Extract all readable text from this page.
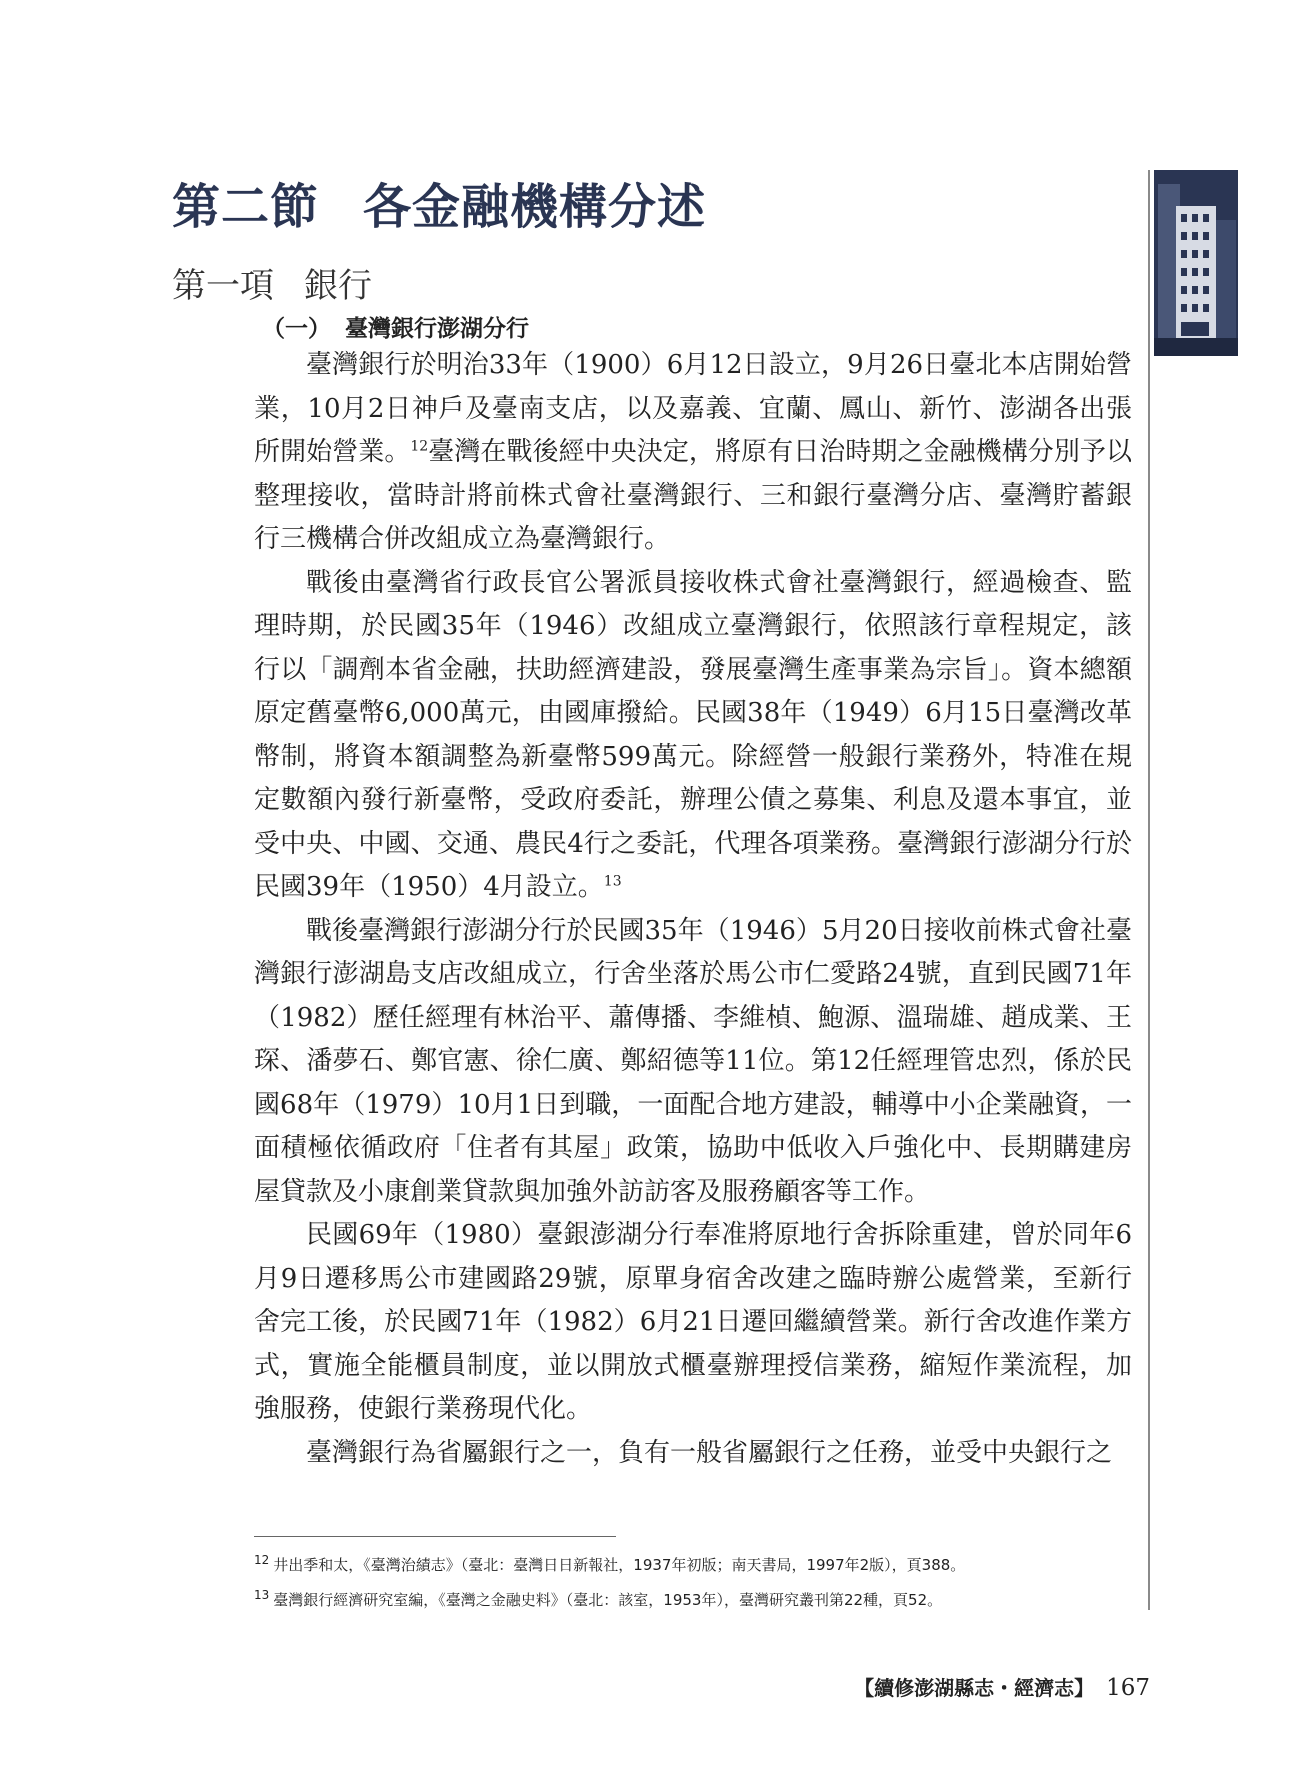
第二節 各金融機構分述
第一項 銀行
（一） 臺灣銀行澎湖分行

臺灣銀行於明治33年（1900）6月12日設立，9月26日臺北本店開始營業，10月2日神戶及臺南支店，以及嘉義、宜蘭、鳳山、新竹、澎湖各出張所開始營業。$^{12}$臺灣在戰後經中央決定，將原有日治時期之金融機構分別予以整理接收，當時計將前株式會社臺灣銀行、三和銀行臺灣分店、臺灣貯蓄銀行三機構合併改組成立為臺灣銀行。

戰後由臺灣省行政長官公署派員接收株式會社臺灣銀行，經過檢查、監理時期，於民國35年（1946）改組成立臺灣銀行，依照該行章程規定，該行以「調劑本省金融，扶助經濟建設，發展臺灣生產事業為宗旨」。資本總額原定舊臺幣6,000萬元，由國庫撥給。民國38年（1949）6月15日臺灣改革幣制，將資本額調整為新臺幣599萬元。除經營一般銀行業務外，特准在規定數額內發行新臺幣，受政府委託，辦理公債之募集、利息及還本事宜，並受中央、中國、交通、農民4行之委託，代理各項業務。臺灣銀行澎湖分行於民國39年（1950）4月設立。$^{13}$

戰後臺灣銀行澎湖分行於民國35年（1946）5月20日接收前株式會社臺灣銀行澎湖島支店改組成立，行舍坐落於馬公市仁愛路24號，直到民國71年（1982）歷任經理有林治平、蕭傳播、李維楨、鮑源、溫瑞雄、趙成業、王琛、潘夢石、鄭官憲、徐仁廣、鄭紹德等11位。第12任經理管忠烈，係於民國68年（1979）10月1日到職，一面配合地方建設，輔導中小企業融資，一面積極依循政府「住者有其屋」政策，協助中低收入戶強化中、長期購建房屋貸款及小康創業貸款與加強外訪訪客及服務顧客等工作。

民國69年（1980）臺銀澎湖分行奉准將原地行舍拆除重建，曾於同年6月9日遷移馬公市建國路29號，原單身宿舍改建之臨時辦公處營業，至新行舍完工後，於民國71年（1982）6月21日遷回繼續營業。新行舍改進作業方式，實施全能櫃員制度，並以開放式櫃臺辦理授信業務，縮短作業流程，加強服務，使銀行業務現代化。

臺灣銀行為省屬銀行之一，負有一般省屬銀行之任務，並受中央銀行之

$^{12}$ 井出季和太，《臺灣治績志》（臺北：臺灣日日新報社，1937年初版；南天書局，1997年2版），頁388。

$^{13}$ 臺灣銀行經濟研究室編，《臺灣之金融史料》（臺北：該室，1953年），臺灣研究叢刊第22種，頁52。

【續修澎湖縣志・經濟志】 167
